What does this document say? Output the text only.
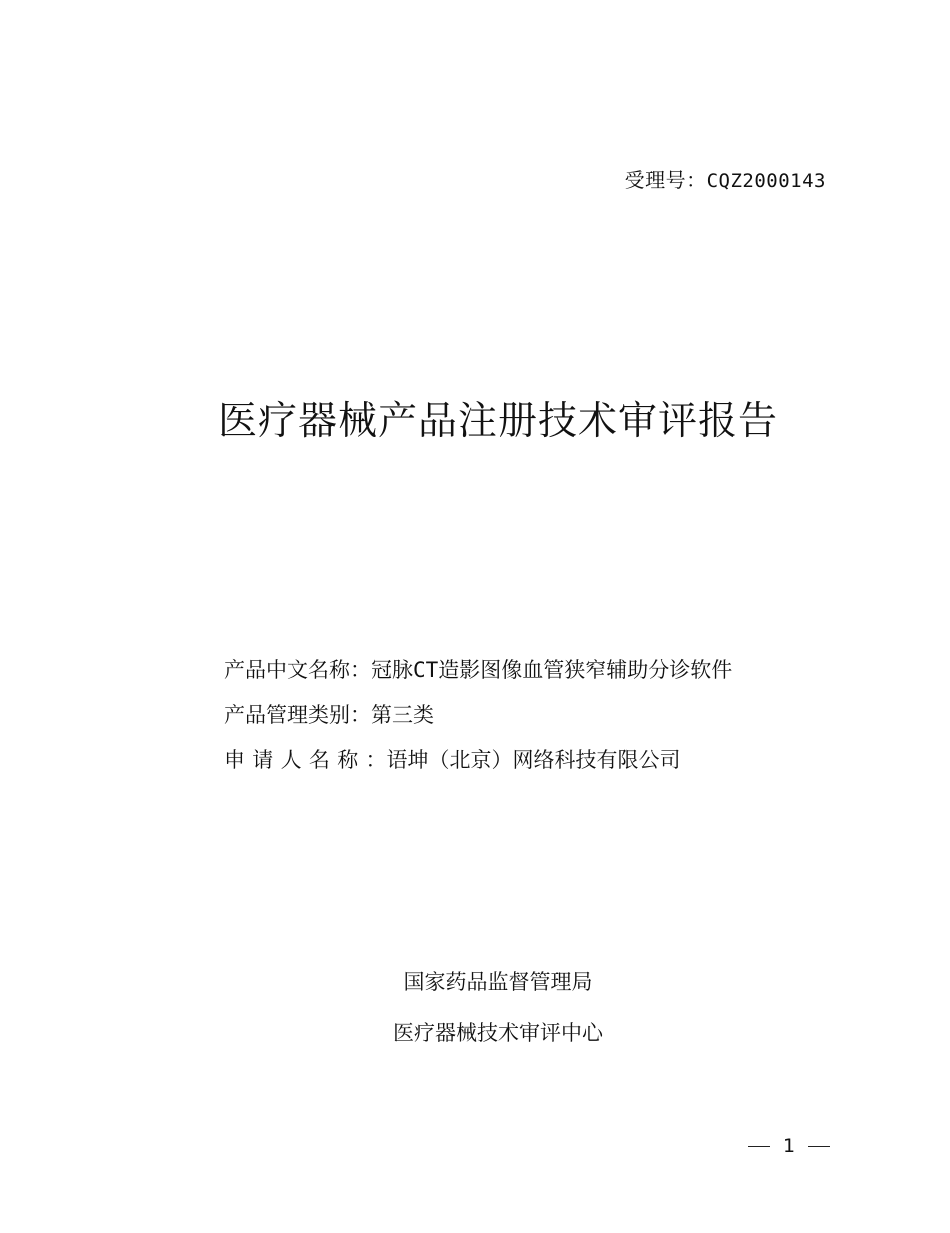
受理号：CQZ2000143
医疗器械产品注册技术审评报告
产品中文名称：冠脉CT造影图像血管狭窄辅助分诊软件
产品管理类别：第三类
申请人名称：语坤（北京）网络科技有限公司
国家药品监督管理局
医疗器械技术审评中心
1
